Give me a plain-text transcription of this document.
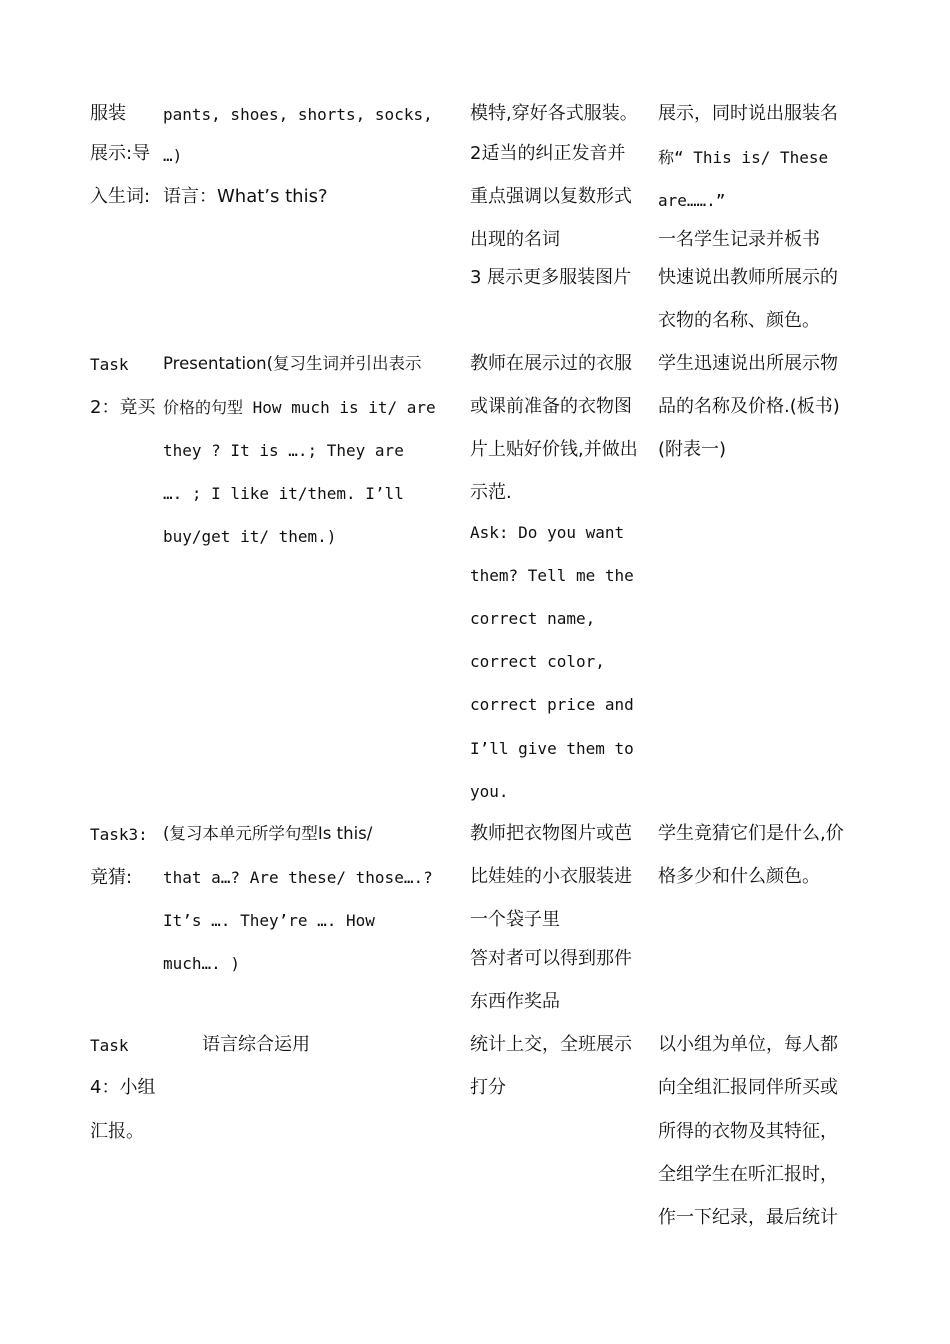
服装

展示:导

入生词:

pants, shoes, shorts, socks,

…)

语言：What’s this?

模特,穿好各式服装。

2适当的纠正发音并

重点强调以复数形式

出现的名词

3 展示更多服装图片

展示，同时说出服装名

称“ This is/ These

are…….”

一名学生记录并板书

快速说出教师所展示的

衣物的名称、颜色。

Task

2：竟买

Presentation(复习生词并引出表示

价格的句型 How much is it/ are

they ? It is ….; They are

…. ; I like it/them. I’ll

buy/get it/ them.)

教师在展示过的衣服

或课前准备的衣物图

片上贴好价钱,并做出

示范.

Ask: Do you want

them? Tell me the

correct name,

correct color,

correct price and

I’ll give them to

you.

学生迅速说出所展示物

品的名称及价格.(板书)

(附表一)

Task3:

竟猜:

(复习本单元所学句型Is this/

that a…? Are these/ those….?

It’s …. They’re …. How

much…. )

教师把衣物图片或芭

比娃娃的小衣服装进

一个袋子里

答对者可以得到那件

东西作奖品

学生竟猜它们是什么,价

格多少和什么颜色。

Task

4：小组

汇报。

语言综合运用	统计上交，全班展示

打分

以小组为单位，每人都

向全组汇报同伴所买或

所得的衣物及其特征，

全组学生在听汇报时，

作一下纪录，最后统计
